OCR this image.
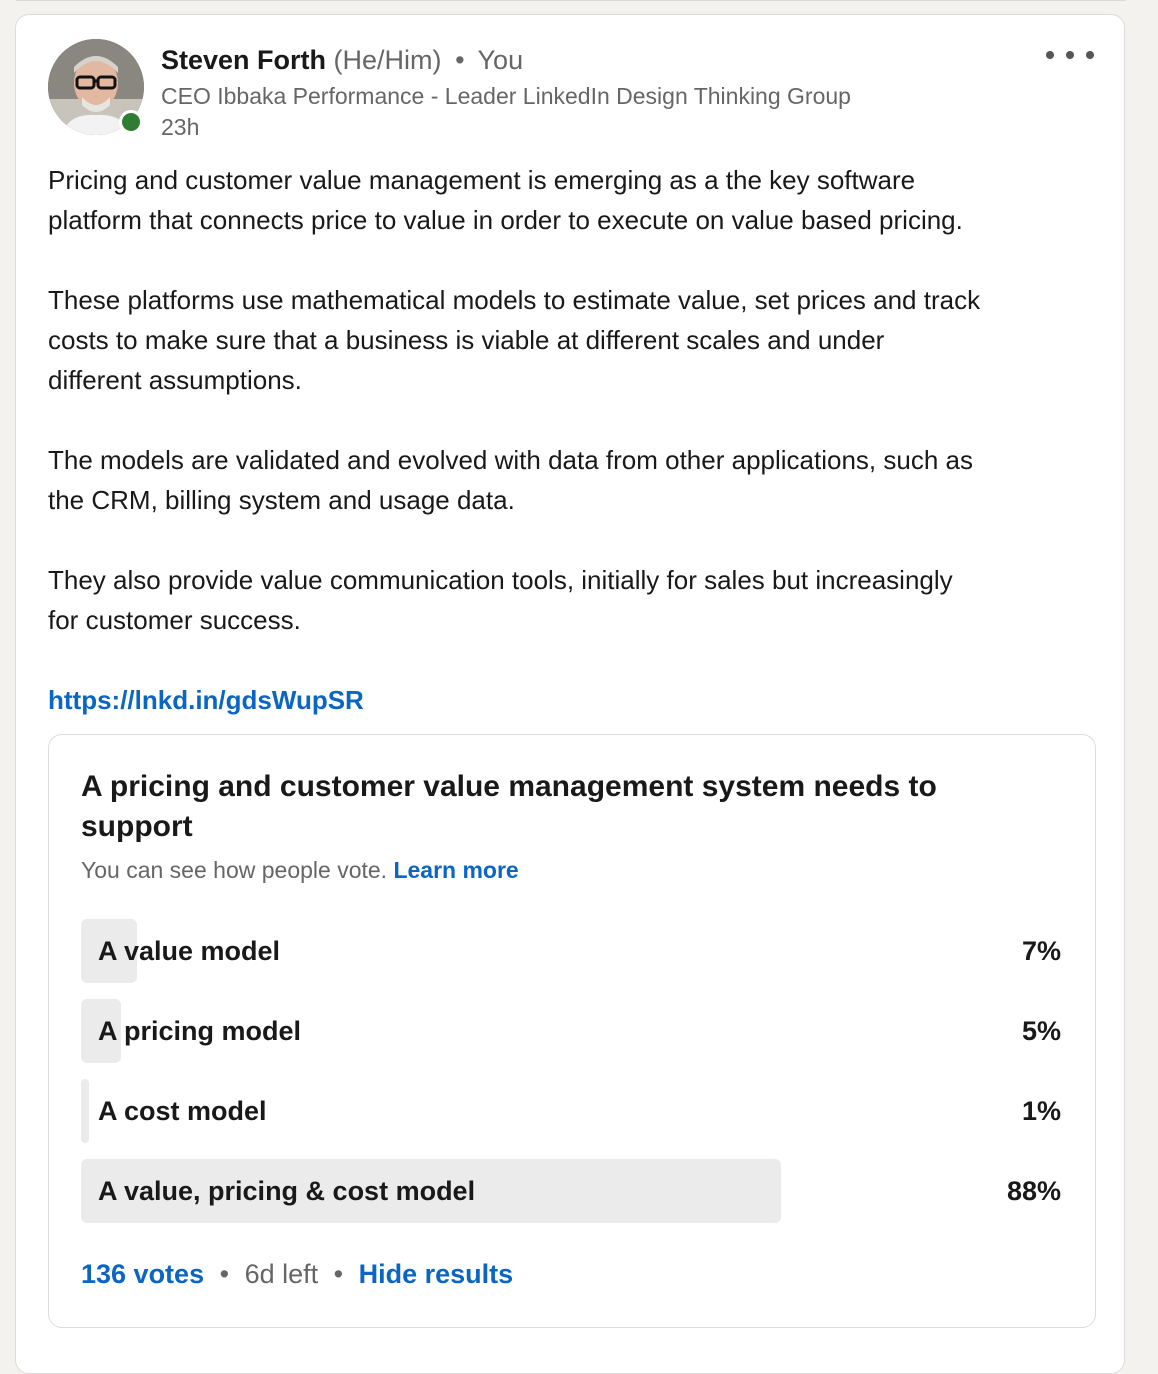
Steven Forth (He/Him) • You
CEO Ibbaka Performance - Leader LinkedIn Design Thinking Group
23h

Pricing and customer value management is emerging as a the key software
platform that connects price to value in order to execute on value based pricing.

These platforms use mathematical models to estimate value, set prices and track
costs to make sure that a business is viable at different scales and under
different assumptions.

The models are validated and evolved with data from other applications, such as
the CRM, billing system and usage data.

They also provide value communication tools, initially for sales but increasingly
for customer success.

https://lnkd.in/gdsWupSR
A pricing and customer value management system needs to support
You can see how people vote. Learn more
A value model	7%
A pricing model	5%
A cost model	1%
A value, pricing & cost model	88%
136 votes • 6d left • Hide results
